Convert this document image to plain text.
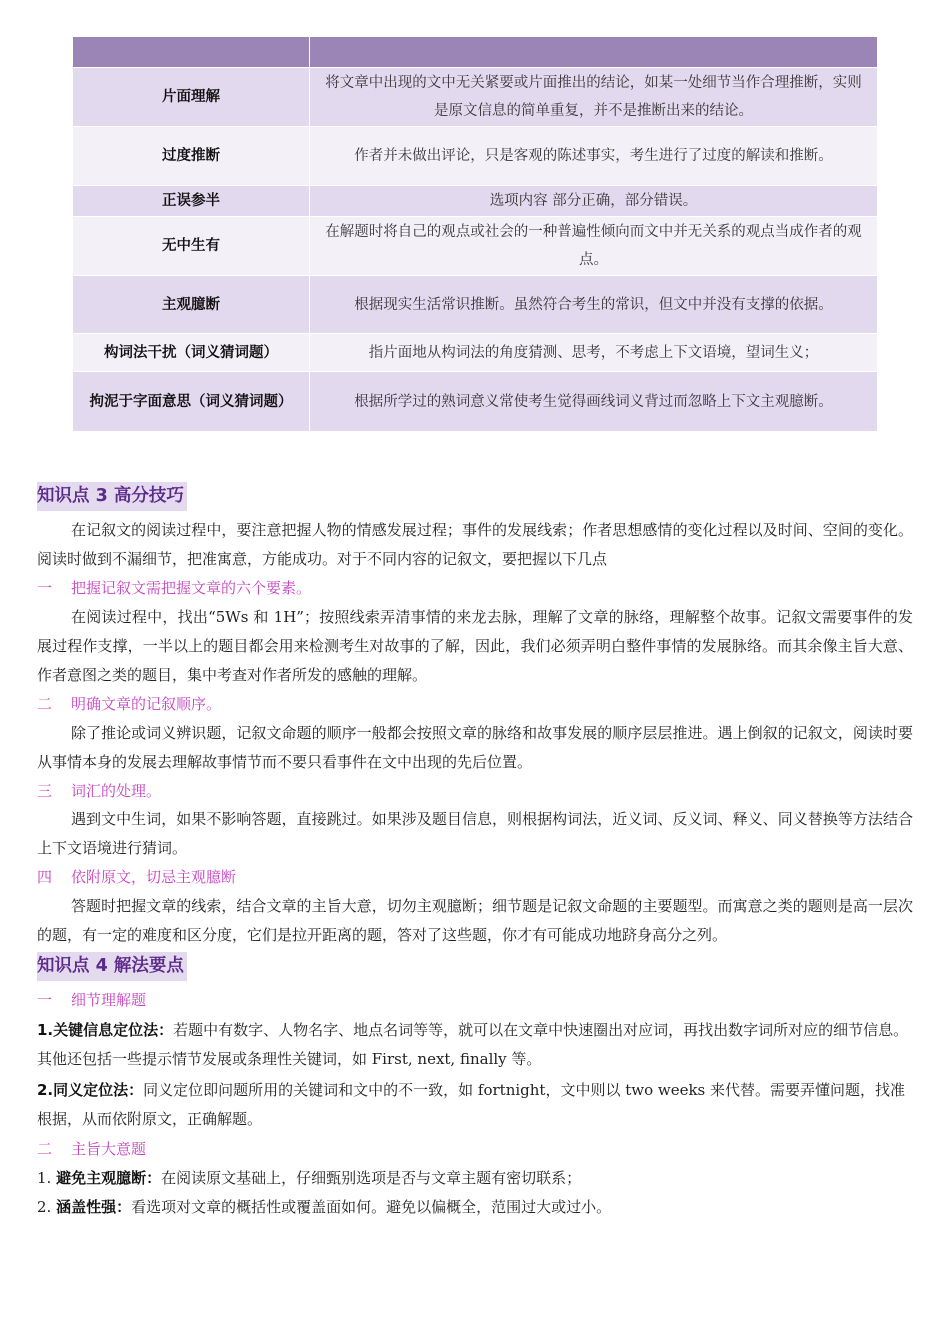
片面理解	将文章中出现的文中无关紧要或片面推出的结论，如某一处细节当作合理推断，实则是原文信息的简单重复，并不是推断出来的结论。
过度推断	作者并未做出评论，只是客观的陈述事实，考生进行了过度的解读和推断。
正误参半	选项内容 部分正确，部分错误。
无中生有	在解题时将自己的观点或社会的一种普遍性倾向而文中并无关系的观点当成作者的观点。
主观臆断	根据现实生活常识推断。虽然符合考生的常识，但文中并没有支撑的依据。
构词法干扰（词义猜词题）	指片面地从构词法的角度猜测、思考，不考虑上下文语境，望词生义；
拘泥于字面意思（词义猜词题）	根据所学过的熟词意义常使考生觉得画线词义背过而忽略上下文主观臆断。
知识点 3 高分技巧
在记叙文的阅读过程中，要注意把握人物的情感发展过程；事件的发展线索；作者思想感情的变化过程以及时间、空间的变化。阅读时做到不漏细节，把准寓意，方能成功。对于不同内容的记叙文，要把握以下几点
一 把握记叙文需把握文章的六个要素。
在阅读过程中，找出“5Ws 和 1H”；按照线索弄清事情的来龙去脉，理解了文章的脉络，理解整个故事。记叙文需要事件的发展过程作支撑，一半以上的题目都会用来检测考生对故事的了解，因此，我们必须弄明白整件事情的发展脉络。而其余像主旨大意、作者意图之类的题目，集中考查对作者所发的感触的理解。
二 明确文章的记叙顺序。
除了推论或词义辨识题，记叙文命题的顺序一般都会按照文章的脉络和故事发展的顺序层层推进。遇上倒叙的记叙文，阅读时要从事情本身的发展去理解故事情节而不要只看事件在文中出现的先后位置。
三 词汇的处理。
遇到文中生词，如果不影响答题，直接跳过。如果涉及题目信息，则根据构词法，近义词、反义词、释义、同义替换等方法结合上下文语境进行猜词。
四 依附原文，切忌主观臆断
答题时把握文章的线索，结合文章的主旨大意，切勿主观臆断；细节题是记叙文命题的主要题型。而寓意之类的题则是高一层次的题，有一定的难度和区分度，它们是拉开距离的题，答对了这些题，你才有可能成功地跻身高分之列。
知识点 4 解法要点
一 细节理解题
1.关键信息定位法：若题中有数字、人物名字、地点名词等等，就可以在文章中快速圈出对应词，再找出数字词所对应的细节信息。其他还包括一些提示情节发展或条理性关键词，如 First, next, finally 等。
2.同义定位法：同义定位即问题所用的关键词和文中的不一致，如 fortnight，文中则以 two weeks 来代替。需要弄懂问题，找准根据，从而依附原文，正确解题。
二 主旨大意题
1. 避免主观臆断：在阅读原文基础上，仔细甄别选项是否与文章主题有密切联系；
2. 涵盖性强：看选项对文章的概括性或覆盖面如何。避免以偏概全，范围过大或过小。
